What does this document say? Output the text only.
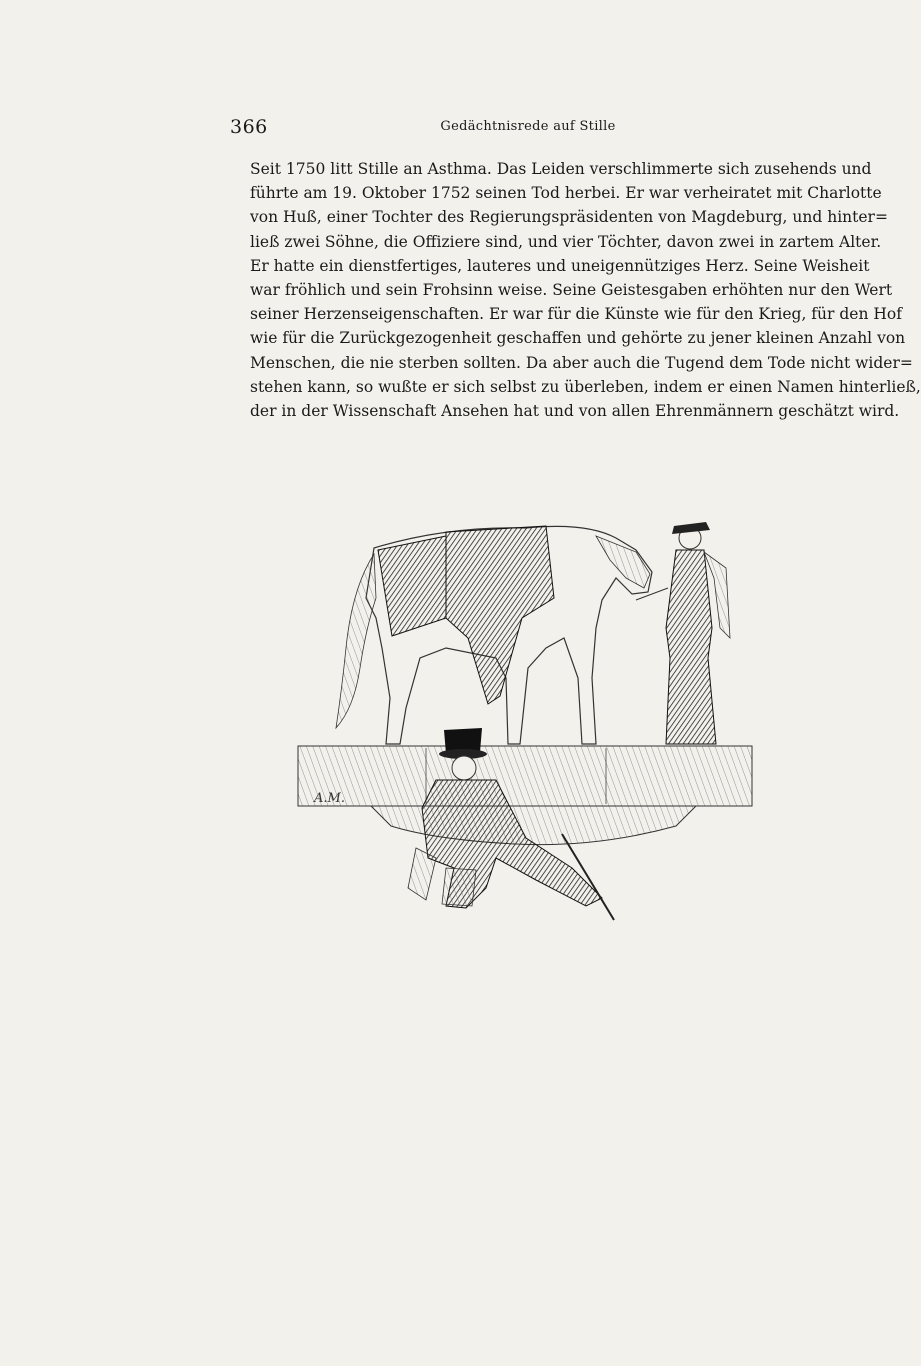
366	Gedächtnisrede auf Stille

Seit 1750 litt Stille an Asthma. Das Leiden verschlimmerte sich zusehends und
führte am 19. Oktober 1752 seinen Tod herbei. Er war verheiratet mit Charlotte
von Huß, einer Tochter des Regierungspräsidenten von Magdeburg, und hinter=
ließ zwei Söhne, die Offiziere sind, und vier Töchter, davon zwei in zartem Alter.

Er hatte ein dienstfertiges, lauteres und uneigennütziges Herz. Seine Weisheit
war fröhlich und sein Frohsinn weise. Seine Geistesgaben erhöhten nur den Wert
seiner Herzenseigenschaften. Er war für die Künste wie für den Krieg, für den Hof
wie für die Zurückgezogenheit geschaffen und gehörte zu jener kleinen Anzahl von
Menschen, die nie sterben sollten. Da aber auch die Tugend dem Tode nicht wider=
stehen kann, so wußte er sich selbst zu überleben, indem er einen Namen hinterließ,
der in der Wissenschaft Ansehen hat und von allen Ehrenmännern geschätzt wird.

A.M.
